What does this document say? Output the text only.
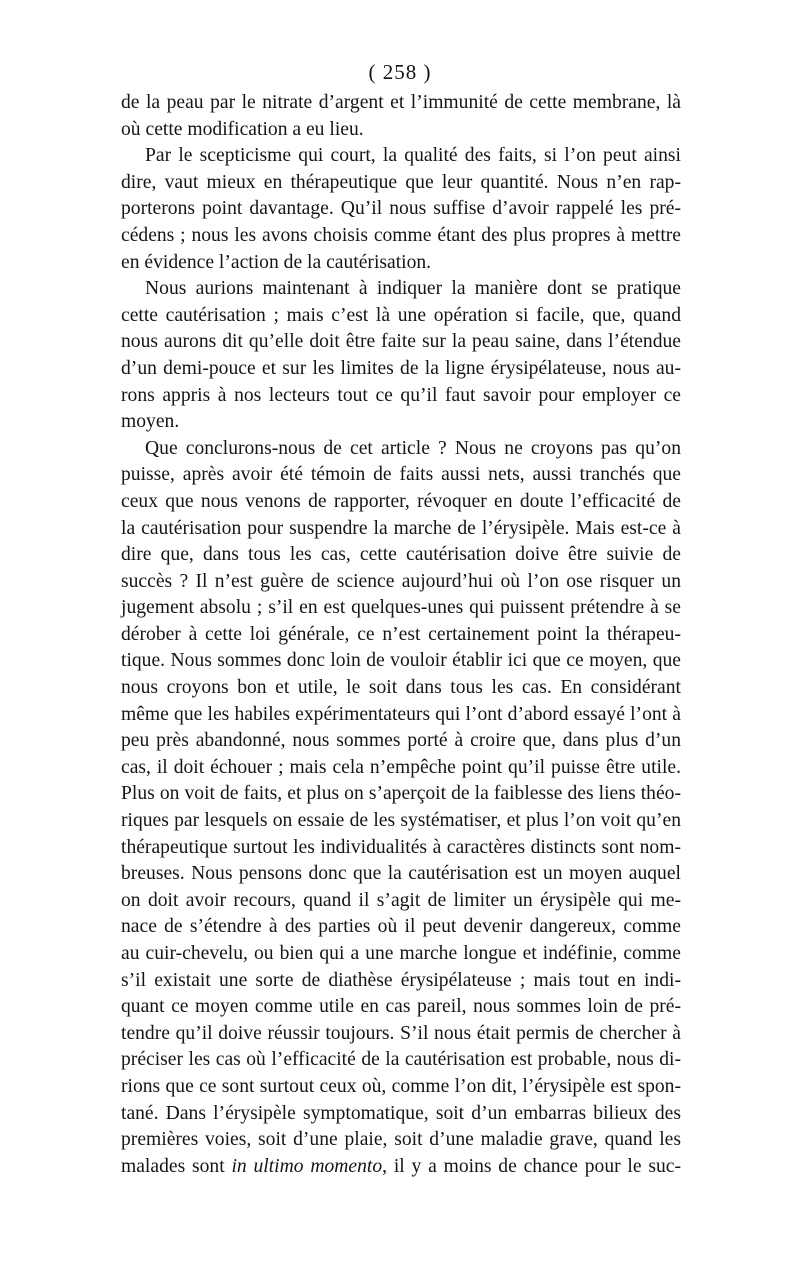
( 258 )
de la peau par le nitrate d’argent et l’immunité de cette membrane, là
où cette modification a eu lieu.
Par le scepticisme qui court, la qualité des faits, si l’on peut ainsi
dire, vaut mieux en thérapeutique que leur quantité. Nous n’en rap-
porterons point davantage. Qu’il nous suffise d’avoir rappelé les pré-
cédens ; nous les avons choisis comme étant des plus propres à mettre
en évidence l’action de la cautérisation.
Nous aurions maintenant à indiquer la manière dont se pratique
cette cautérisation ; mais c’est là une opération si facile, que, quand
nous aurons dit qu’elle doit être faite sur la peau saine, dans l’étendue
d’un demi-pouce et sur les limites de la ligne érysipélateuse, nous au-
rons appris à nos lecteurs tout ce qu’il faut savoir pour employer ce
moyen.
Que conclurons-nous de cet article ? Nous ne croyons pas qu’on
puisse, après avoir été témoin de faits aussi nets, aussi tranchés que
ceux que nous venons de rapporter, révoquer en doute l’efficacité de
la cautérisation pour suspendre la marche de l’érysipèle. Mais est-ce à
dire que, dans tous les cas, cette cautérisation doive être suivie de
succès ? Il n’est guère de science aujourd’hui où l’on ose risquer un
jugement absolu ; s’il en est quelques-unes qui puissent prétendre à se
dérober à cette loi générale, ce n’est certainement point la thérapeu-
tique. Nous sommes donc loin de vouloir établir ici que ce moyen, que
nous croyons bon et utile, le soit dans tous les cas. En considérant
même que les habiles expérimentateurs qui l’ont d’abord essayé l’ont à
peu près abandonné, nous sommes porté à croire que, dans plus d’un
cas, il doit échouer ; mais cela n’empêche point qu’il puisse être utile.
Plus on voit de faits, et plus on s’aperçoit de la faiblesse des liens théo-
riques par lesquels on essaie de les systématiser, et plus l’on voit qu’en
thérapeutique surtout les individualités à caractères distincts sont nom-
breuses. Nous pensons donc que la cautérisation est un moyen auquel
on doit avoir recours, quand il s’agit de limiter un érysipèle qui me-
nace de s’étendre à des parties où il peut devenir dangereux, comme
au cuir-chevelu, ou bien qui a une marche longue et indéfinie, comme
s’il existait une sorte de diathèse érysipélateuse ; mais tout en indi-
quant ce moyen comme utile en cas pareil, nous sommes loin de pré-
tendre qu’il doive réussir toujours. S’il nous était permis de chercher à
préciser les cas où l’efficacité de la cautérisation est probable, nous di-
rions que ce sont surtout ceux où, comme l’on dit, l’érysipèle est spon-
tané. Dans l’érysipèle symptomatique, soit d’un embarras bilieux des
premières voies, soit d’une plaie, soit d’une maladie grave, quand les
malades sont in ultimo momento, il y a moins de chance pour le suc-
